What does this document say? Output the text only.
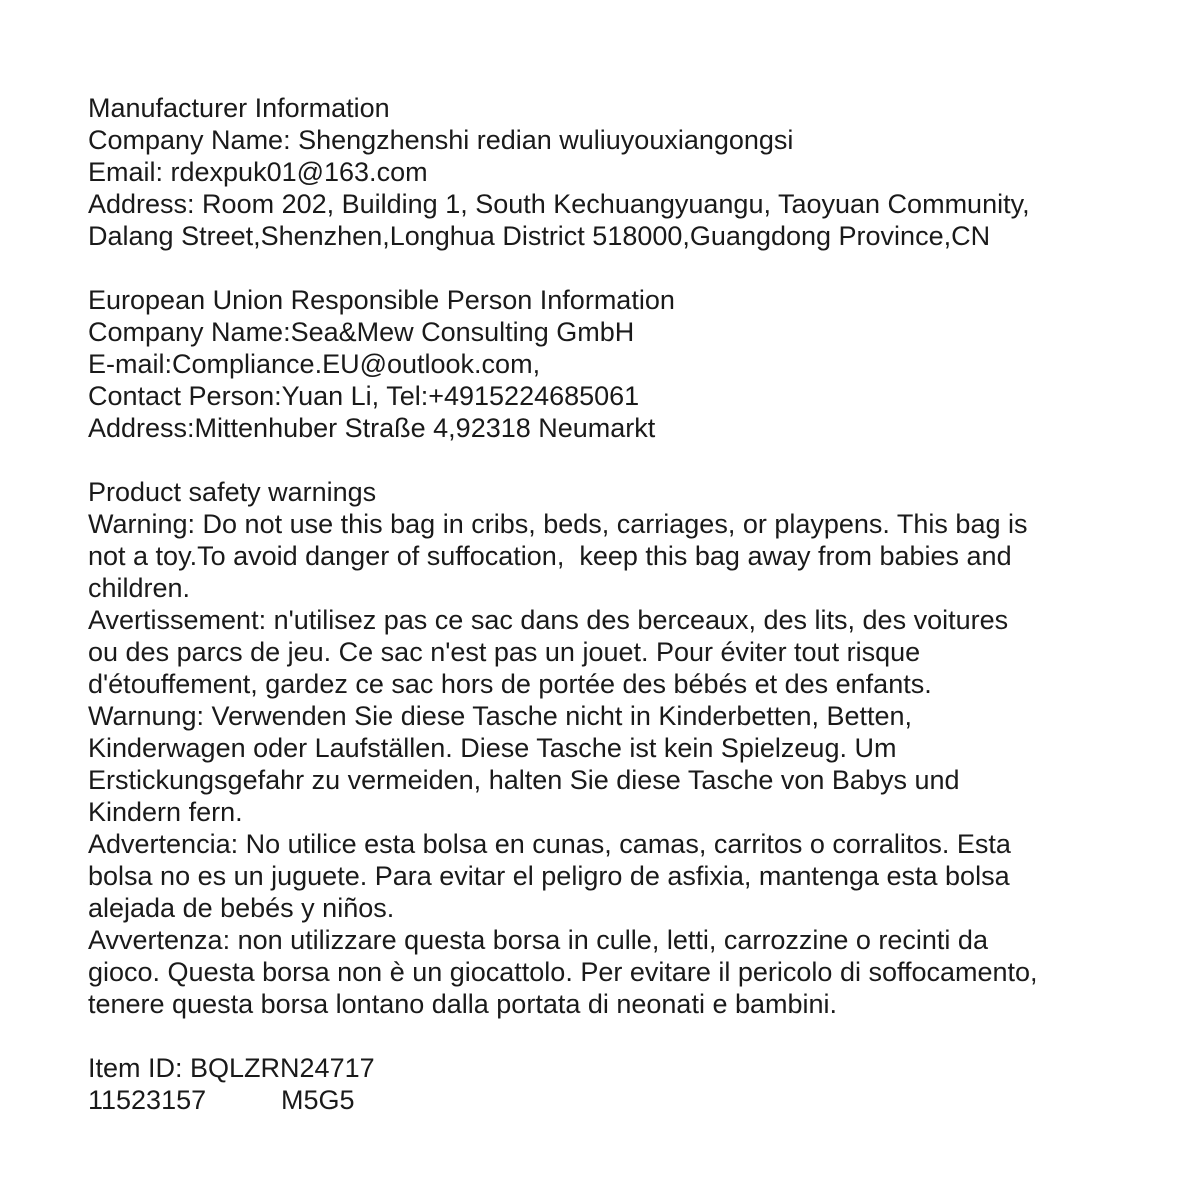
Manufacturer Information
Company Name: Shengzhenshi redian wuliuyouxiangongsi
Email: rdexpuk01@163.com
Address: Room 202, Building 1, South Kechuangyuangu, Taoyuan Community,
Dalang Street,Shenzhen,Longhua District 518000,Guangdong Province,CN
European Union Responsible Person Information
Company Name:Sea&Mew Consulting GmbH
E-mail:Compliance.EU@outlook.com,
Contact Person:Yuan Li, Tel:+4915224685061
Address:Mittenhuber Straße 4,92318 Neumarkt
Product safety warnings
Warning: Do not use this bag in cribs, beds, carriages, or playpens. This bag is
not a toy.To avoid danger of suffocation,  keep this bag away from babies and
children.
Avertissement: n'utilisez pas ce sac dans des berceaux, des lits, des voitures
ou des parcs de jeu. Ce sac n'est pas un jouet. Pour éviter tout risque
d'étouffement, gardez ce sac hors de portée des bébés et des enfants.
Warnung: Verwenden Sie diese Tasche nicht in Kinderbetten, Betten,
Kinderwagen oder Laufställen. Diese Tasche ist kein Spielzeug. Um
Erstickungsgefahr zu vermeiden, halten Sie diese Tasche von Babys und
Kindern fern.
Advertencia: No utilice esta bolsa en cunas, camas, carritos o corralitos. Esta
bolsa no es un juguete. Para evitar el peligro de asfixia, mantenga esta bolsa
alejada de bebés y niños.
Avvertenza: non utilizzare questa borsa in culle, letti, carrozzine o recinti da
gioco. Questa borsa non è un giocattolo. Per evitare il pericolo di soffocamento,
tenere questa borsa lontano dalla portata di neonati e bambini.
Item ID: BQLZRN24717
11523157	M5G5
